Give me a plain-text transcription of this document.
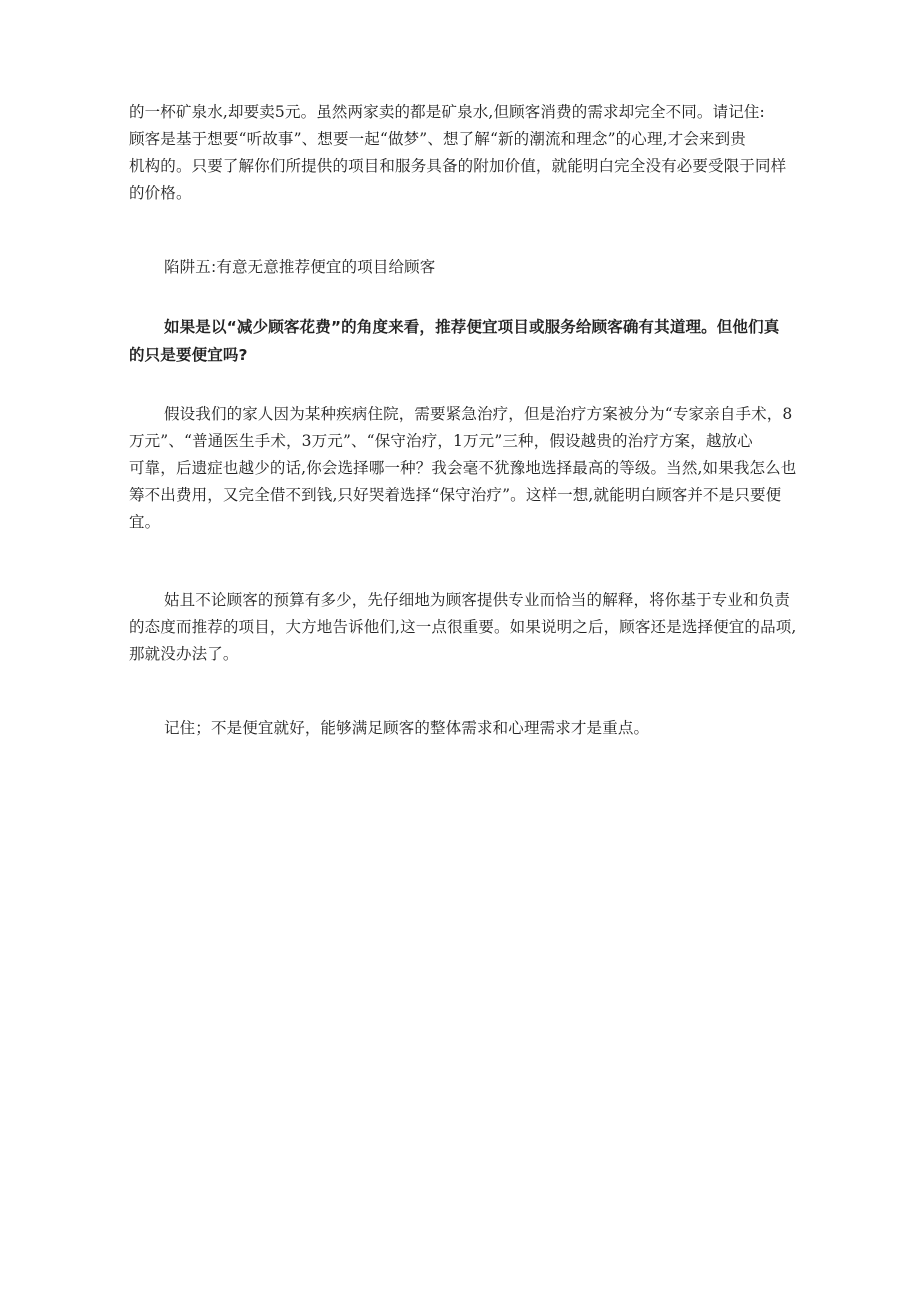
的一杯矿泉水,却要卖5元。虽然两家卖的都是矿泉水,但顾客消费的需求却完全不同。请记住:
顾客是基于想要“听故事”、想要一起“做梦”、想了解“新的潮流和理念”的心理,才会来到贵
机构的。只要了解你们所提供的项目和服务具备的附加价值，就能明白完全没有必要受限于同样
的价格。
陷阱五:有意无意推荐便宜的项目给顾客
如果是以“减少顾客花费”的角度来看，推荐便宜项目或服务给顾客确有其道理。但他们真
的只是要便宜吗?
假设我们的家人因为某种疾病住院，需要紧急治疗，但是治疗方案被分为“专家亲自手术，8
万元”、“普通医生手术，3万元”、“保守治疗，1万元”三种，假设越贵的治疗方案，越放心
可靠，后遗症也越少的话,你会选择哪一种？我会毫不犹豫地选择最高的等级。当然,如果我怎么也
筹不出费用，又完全借不到钱,只好哭着选择“保守治疗”。这样一想,就能明白顾客并不是只要便
宜。
姑且不论顾客的预算有多少，先仔细地为顾客提供专业而恰当的解释，将你基于专业和负责
的态度而推荐的项目，大方地告诉他们,这一点很重要。如果说明之后，顾客还是选择便宜的品项,
那就没办法了。
记住；不是便宜就好，能够满足顾客的整体需求和心理需求才是重点。
